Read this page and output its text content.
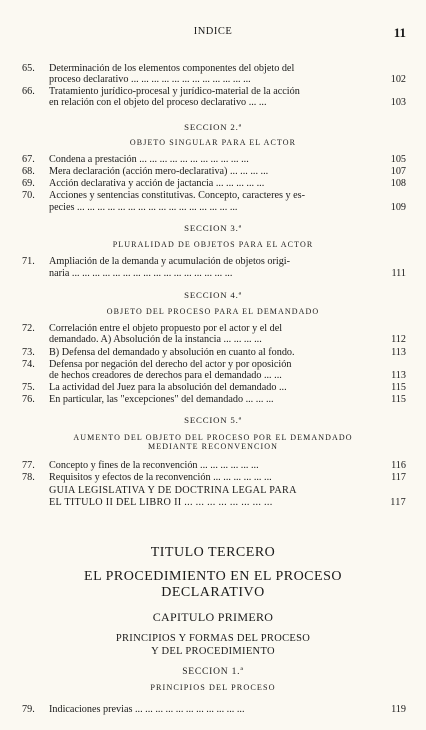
INDICE	11
65.	Determinación de los elementos componentes del objeto del
proceso declarativo ... ... ... ... ... ... ... ... ... ... ... ...	102
66.	Tratamiento jurídico-procesal y jurídico-material de la acción
en relación con el objeto del proceso declarativo ... ...	103
SECCION 2.ª
OBJETO SINGULAR PARA EL ACTOR
67.	Condena a prestación ... ... ... ... ... ... ... ... ... ... ...	105
68.	Mera declaración (acción mero-declarativa) ... ... ... ...	107
69.	Acción declarativa y acción de jactancia ... ... ... ... ...	108
70.	Acciones y sentencias constitutivas. Concepto, caracteres y es-
pecies ... ... ... ... ... ... ... ... ... ... ... ... ... ... ... ...	109
SECCION 3.ª
PLURALIDAD DE OBJETOS PARA EL ACTOR
71.	Ampliación de la demanda y acumulación de objetos origi-
naria ... ... ... ... ... ... ... ... ... ... ... ... ... ... ... ...	111
SECCION 4.ª
OBJETO DEL PROCESO PARA EL DEMANDADO
72.	Correlación entre el objeto propuesto por el actor y el del
demandado. A) Absolución de la instancia ... ... ... ...	112
73.	B) Defensa del demandado y absolución en cuanto al fondo.	113
74.	Defensa por negación del derecho del actor y por oposición
de hechos creadores de derechos para el demandado ... ...	113
75.	La actividad del Juez para la absolución del demandado ...	115
76.	En particular, las "excepciones" del demandado ... ... ...	115
SECCION 5.ª
AUMENTO DEL OBJETO DEL PROCESO POR EL DEMANDADO
MEDIANTE RECONVENCION
77.	Concepto y fines de la reconvención ... ... ... ... ... ...	116
78.	Requisitos y efectos de la reconvención ... ... ... ... ... ...	117
GUIA LEGISLATIVA Y DE DOCTRINA LEGAL PARA
EL TITULO II DEL LIBRO II ... ... ... ... ... ... ... ...	117
TITULO TERCERO
EL PROCEDIMIENTO EN EL PROCESO
DECLARATIVO
CAPITULO PRIMERO
PRINCIPIOS Y FORMAS DEL PROCESO
Y DEL PROCEDIMIENTO
SECCION 1.ª
PRINCIPIOS DEL PROCESO
79.	Indicaciones previas ... ... ... ... ... ... ... ... ... ... ...	119
